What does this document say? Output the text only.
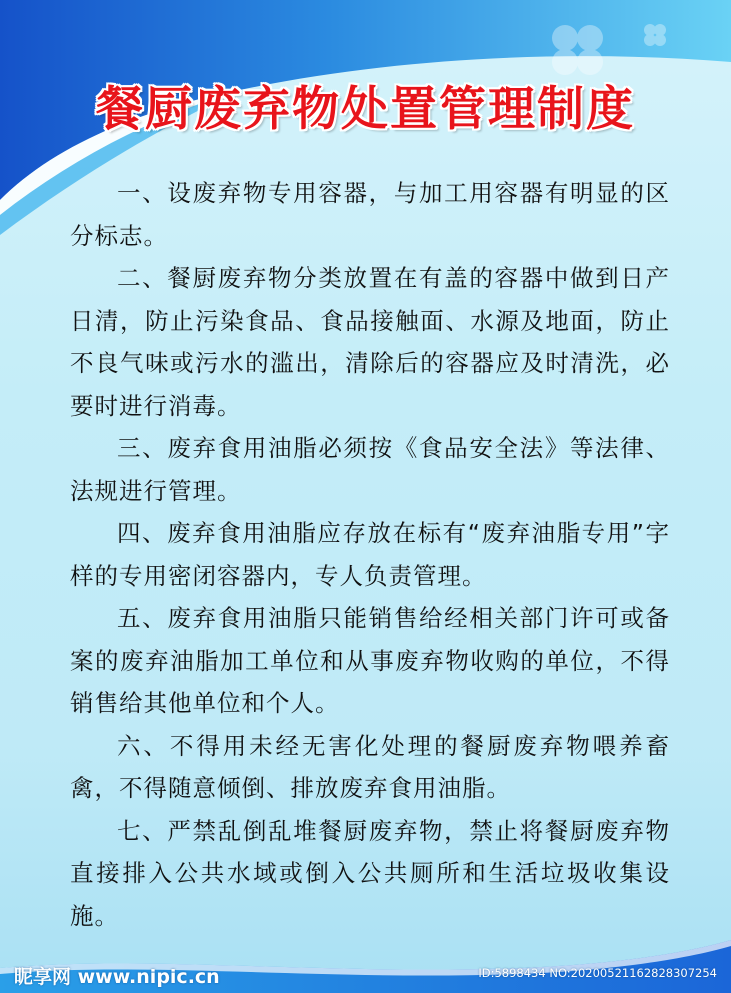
餐厨废弃物处置管理制度

一、设废弃物专用容器，与加工用容器有明显的区分标志。

二、餐厨废弃物分类放置在有盖的容器中做到日产日清，防止污染食品、食品接触面、水源及地面，防止不良气味或污水的滥出，清除后的容器应及时清洗，必要时进行消毒。

三、废弃食用油脂必须按《食品安全法》等法律、法规进行管理。

四、废弃食用油脂应存放在标有“废弃油脂专用”字样的专用密闭容器内，专人负责管理。

五、废弃食用油脂只能销售给经相关部门许可或备案的废弃油脂加工单位和从事废弃物收购的单位，不得销售给其他单位和个人。

六、不得用未经无害化处理的餐厨废弃物喂养畜禽，不得随意倾倒、排放废弃食用油脂。

七、严禁乱倒乱堆餐厨废弃物，禁止将餐厨废弃物直接排入公共水域或倒入公共厕所和生活垃圾收集设施。

昵享网 www.nipic.cn	ID:5898434 NO:20200521162828307254
